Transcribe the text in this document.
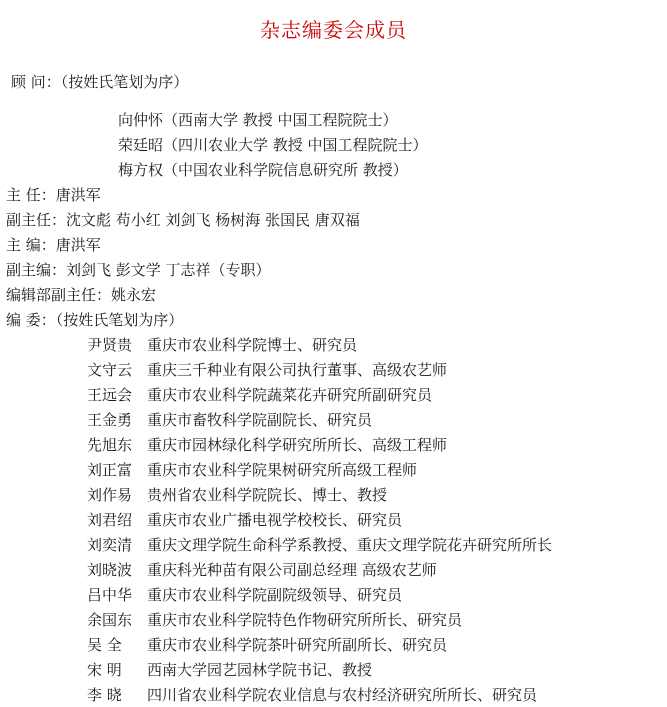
杂志编委会成员
顾 问：（按姓氏笔划为序）
向仲怀（西南大学 教授 中国工程院院士）
荣廷昭（四川农业大学 教授 中国工程院院士）
梅方权（中国农业科学院信息研究所 教授）
主 任：唐洪军
副主任：沈文彪 苟小红 刘剑飞 杨树海 张国民 唐双福
主 编：唐洪军
副主编：刘剑飞 彭文学 丁志祥（专职）
编辑部副主任：姚永宏
编 委：（按姓氏笔划为序）
尹贤贵 重庆市农业科学院博士、研究员
文守云 重庆三千种业有限公司执行董事、高级农艺师
王远会 重庆市农业科学院蔬菜花卉研究所副研究员
王金勇 重庆市畜牧科学院副院长、研究员
先旭东 重庆市园林绿化科学研究所所长、高级工程师
刘正富 重庆市农业科学院果树研究所高级工程师
刘作易 贵州省农业科学院院长、博士、教授
刘君绍 重庆市农业广播电视学校校长、研究员
刘奕清 重庆文理学院生命科学系教授、重庆文理学院花卉研究所所长
刘晓波 重庆科光种苗有限公司副总经理 高级农艺师
吕中华 重庆市农业科学院副院级领导、研究员
余国东 重庆市农业科学院特色作物研究所所长、研究员
吴 全 重庆市农业科学院茶叶研究所副所长、研究员
宋 明 西南大学园艺园林学院书记、教授
李 晓 四川省农业科学院农业信息与农村经济研究所所长、研究员
